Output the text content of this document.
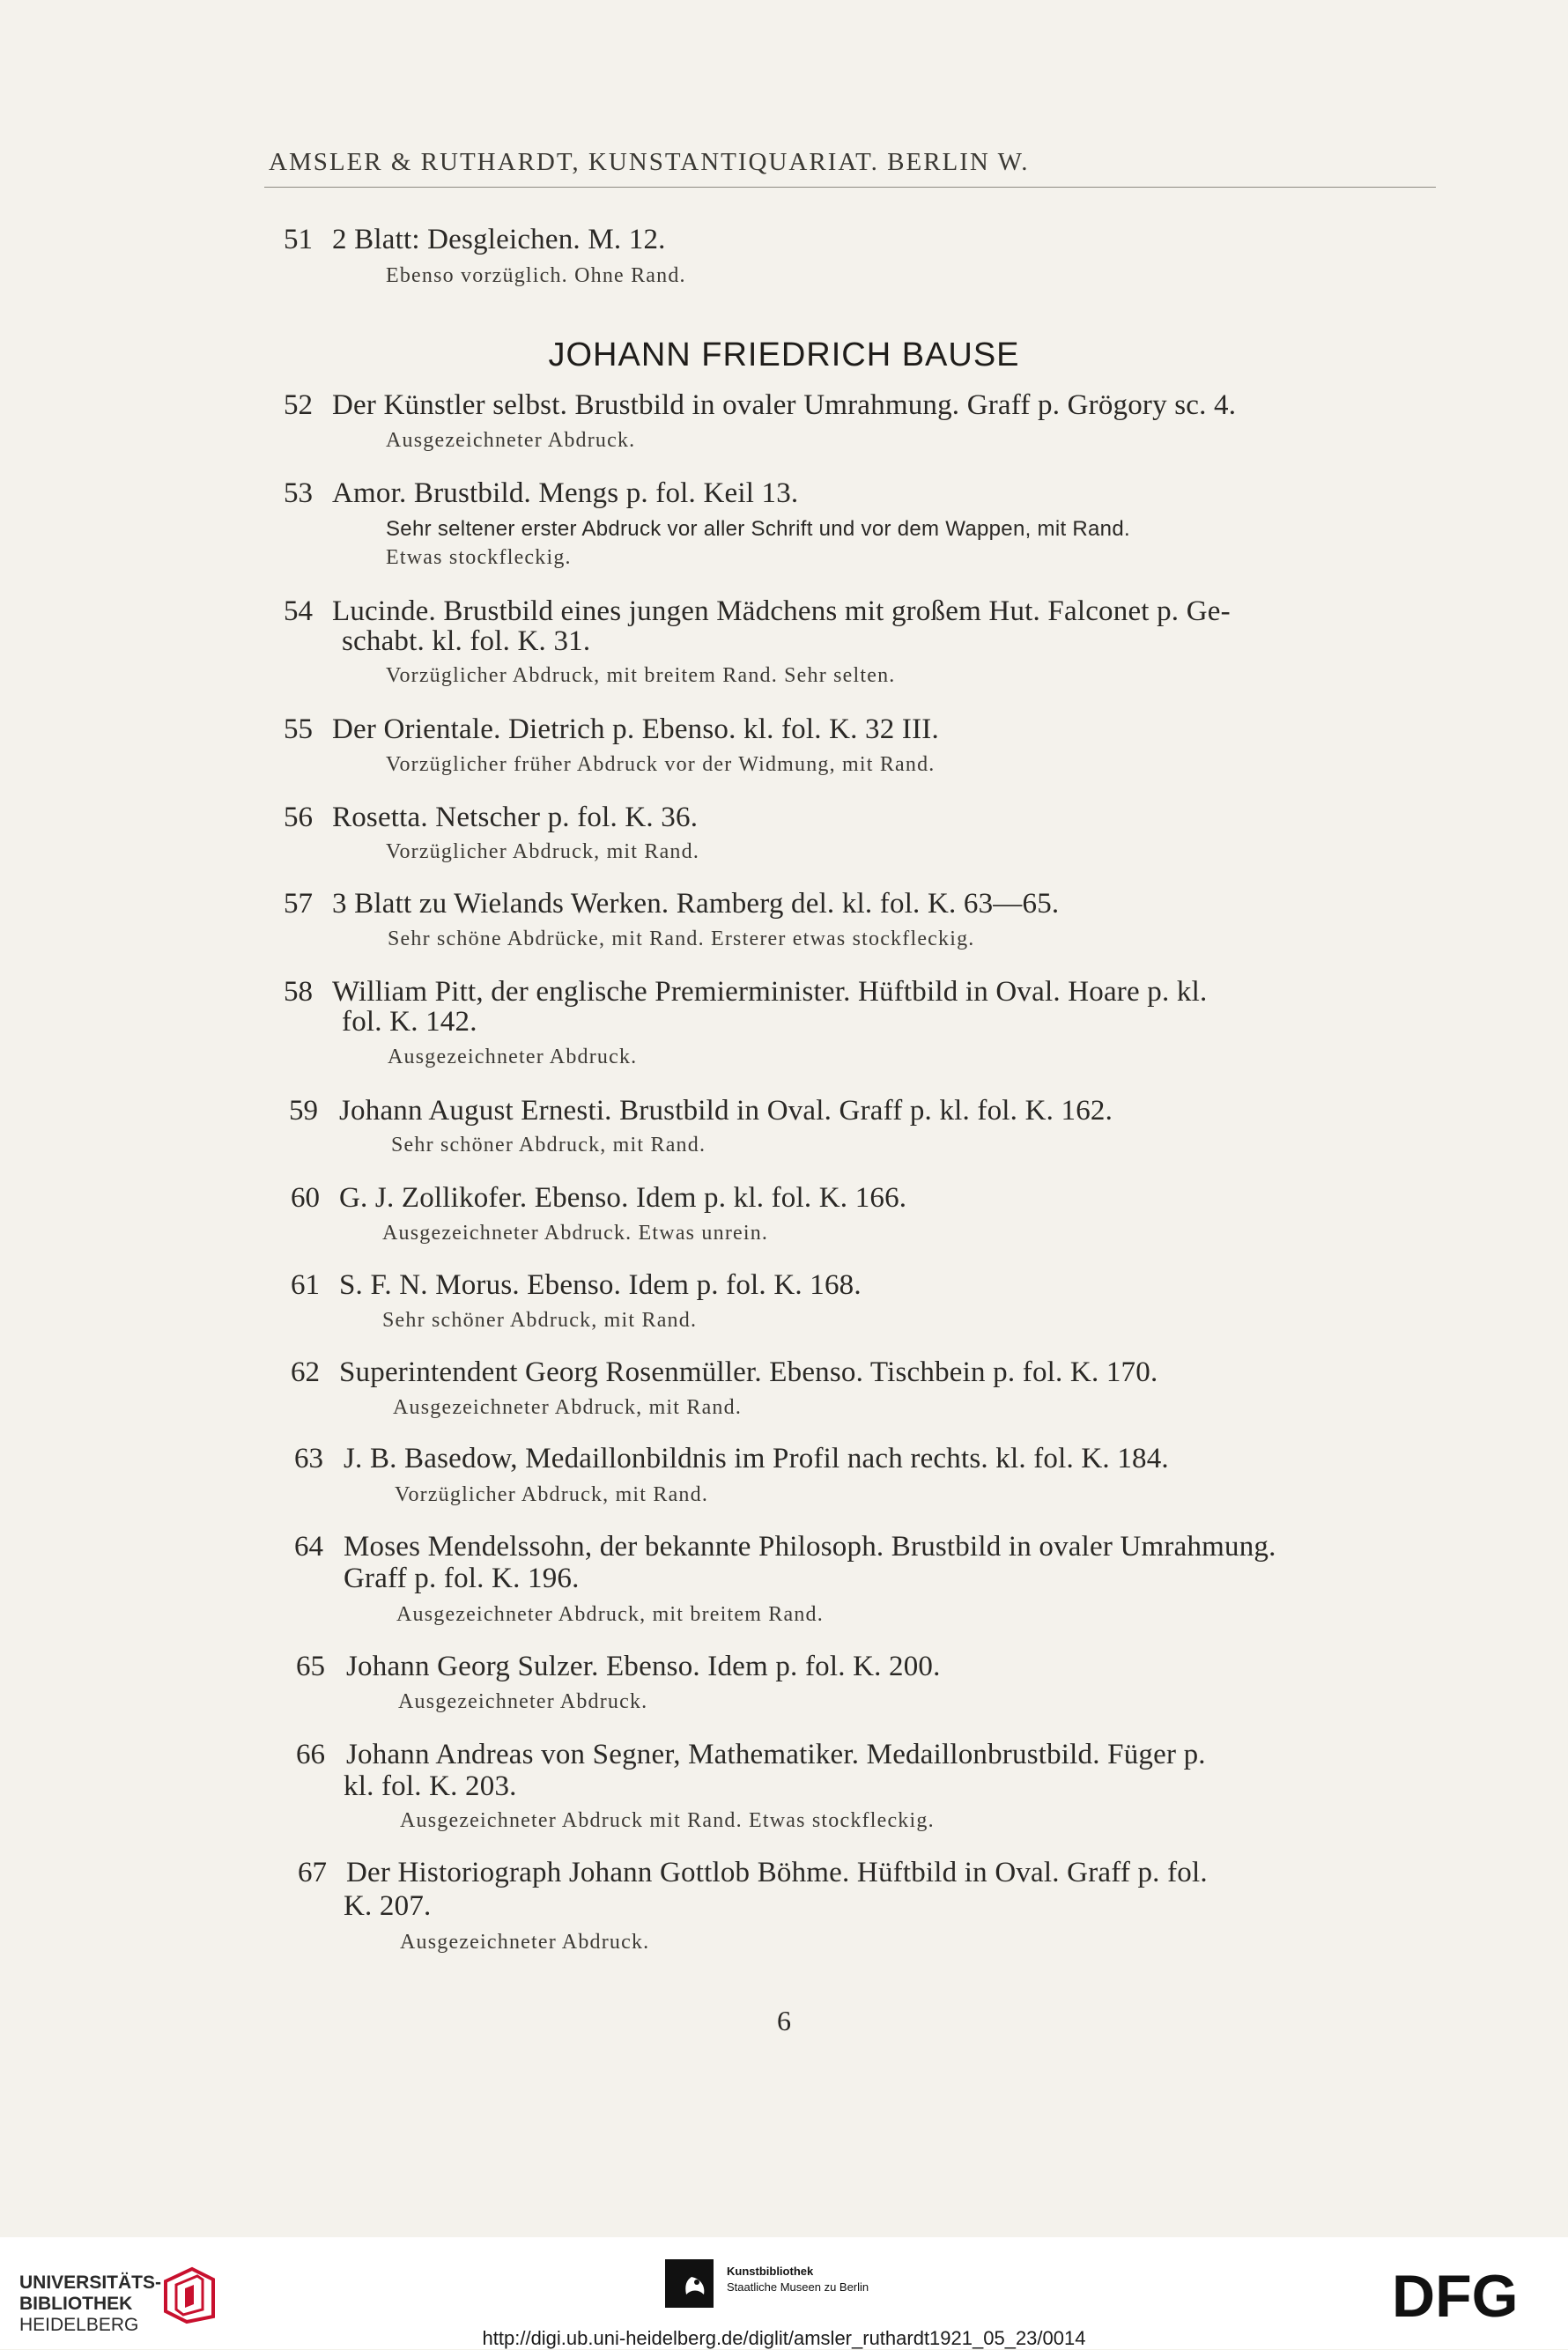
AMSLER & RUTHARDT, KUNSTANTIQUARIAT. BERLIN W.
JOHANN FRIEDRICH BAUSE
51 2 Blatt: Desgleichen. M. 12.
Ebenso vorzüglich. Ohne Rand.
52 Der Künstler selbst. Brustbild in ovaler Umrahmung. Graff p. Grögory sc. 4.
Ausgezeichneter Abdruck.
53 Amor. Brustbild. Mengs p. fol. Keil 13.
Sehr seltener erster Abdruck vor aller Schrift und vor dem Wappen, mit Rand.
Etwas stockfleckig.
54 Lucinde. Brustbild eines jungen Mädchens mit großem Hut. Falconet p. Ge-
schabt. kl. fol. K. 31.
Vorzüglicher Abdruck, mit breitem Rand. Sehr selten.
55 Der Orientale. Dietrich p. Ebenso. kl. fol. K. 32 III.
Vorzüglicher früher Abdruck vor der Widmung, mit Rand.
56 Rosetta. Netscher p. fol. K. 36.
Vorzüglicher Abdruck, mit Rand.
57 3 Blatt zu Wielands Werken. Ramberg del. kl. fol. K. 63—65.
Sehr schöne Abdrücke, mit Rand. Ersterer etwas stockfleckig.
58 William Pitt, der englische Premierminister. Hüftbild in Oval. Hoare p. kl.
fol. K. 142.
Ausgezeichneter Abdruck.
59 Johann August Ernesti. Brustbild in Oval. Graff p. kl. fol. K. 162.
Sehr schöner Abdruck, mit Rand.
60 G. J. Zollikofer. Ebenso. Idem p. kl. fol. K. 166.
Ausgezeichneter Abdruck. Etwas unrein.
61 S. F. N. Morus. Ebenso. Idem p. fol. K. 168.
Sehr schöner Abdruck, mit Rand.
62 Superintendent Georg Rosenmüller. Ebenso. Tischbein p. fol. K. 170.
Ausgezeichneter Abdruck, mit Rand.
63 J. B. Basedow, Medaillonbildnis im Profil nach rechts. kl. fol. K. 184.
Vorzüglicher Abdruck, mit Rand.
64 Moses Mendelssohn, der bekannte Philosoph. Brustbild in ovaler Umrahmung.
Graff p. fol. K. 196.
Ausgezeichneter Abdruck, mit breitem Rand.
65 Johann Georg Sulzer. Ebenso. Idem p. fol. K. 200.
Ausgezeichneter Abdruck.
66 Johann Andreas von Segner, Mathematiker. Medaillonbrustbild. Füger p.
kl. fol. K. 203.
Ausgezeichneter Abdruck mit Rand. Etwas stockfleckig.
67 Der Historiograph Johann Gottlob Böhme. Hüftbild in Oval. Graff p. fol.
K. 207.
Ausgezeichneter Abdruck.
6
UNIVERSITÄTS-
BIBLIOTHEK
HEIDELBERG
Kunstbibliothek
Staatliche Museen zu Berlin	DFG
http://digi.ub.uni-heidelberg.de/diglit/amsler_ruthardt1921_05_23/0014
